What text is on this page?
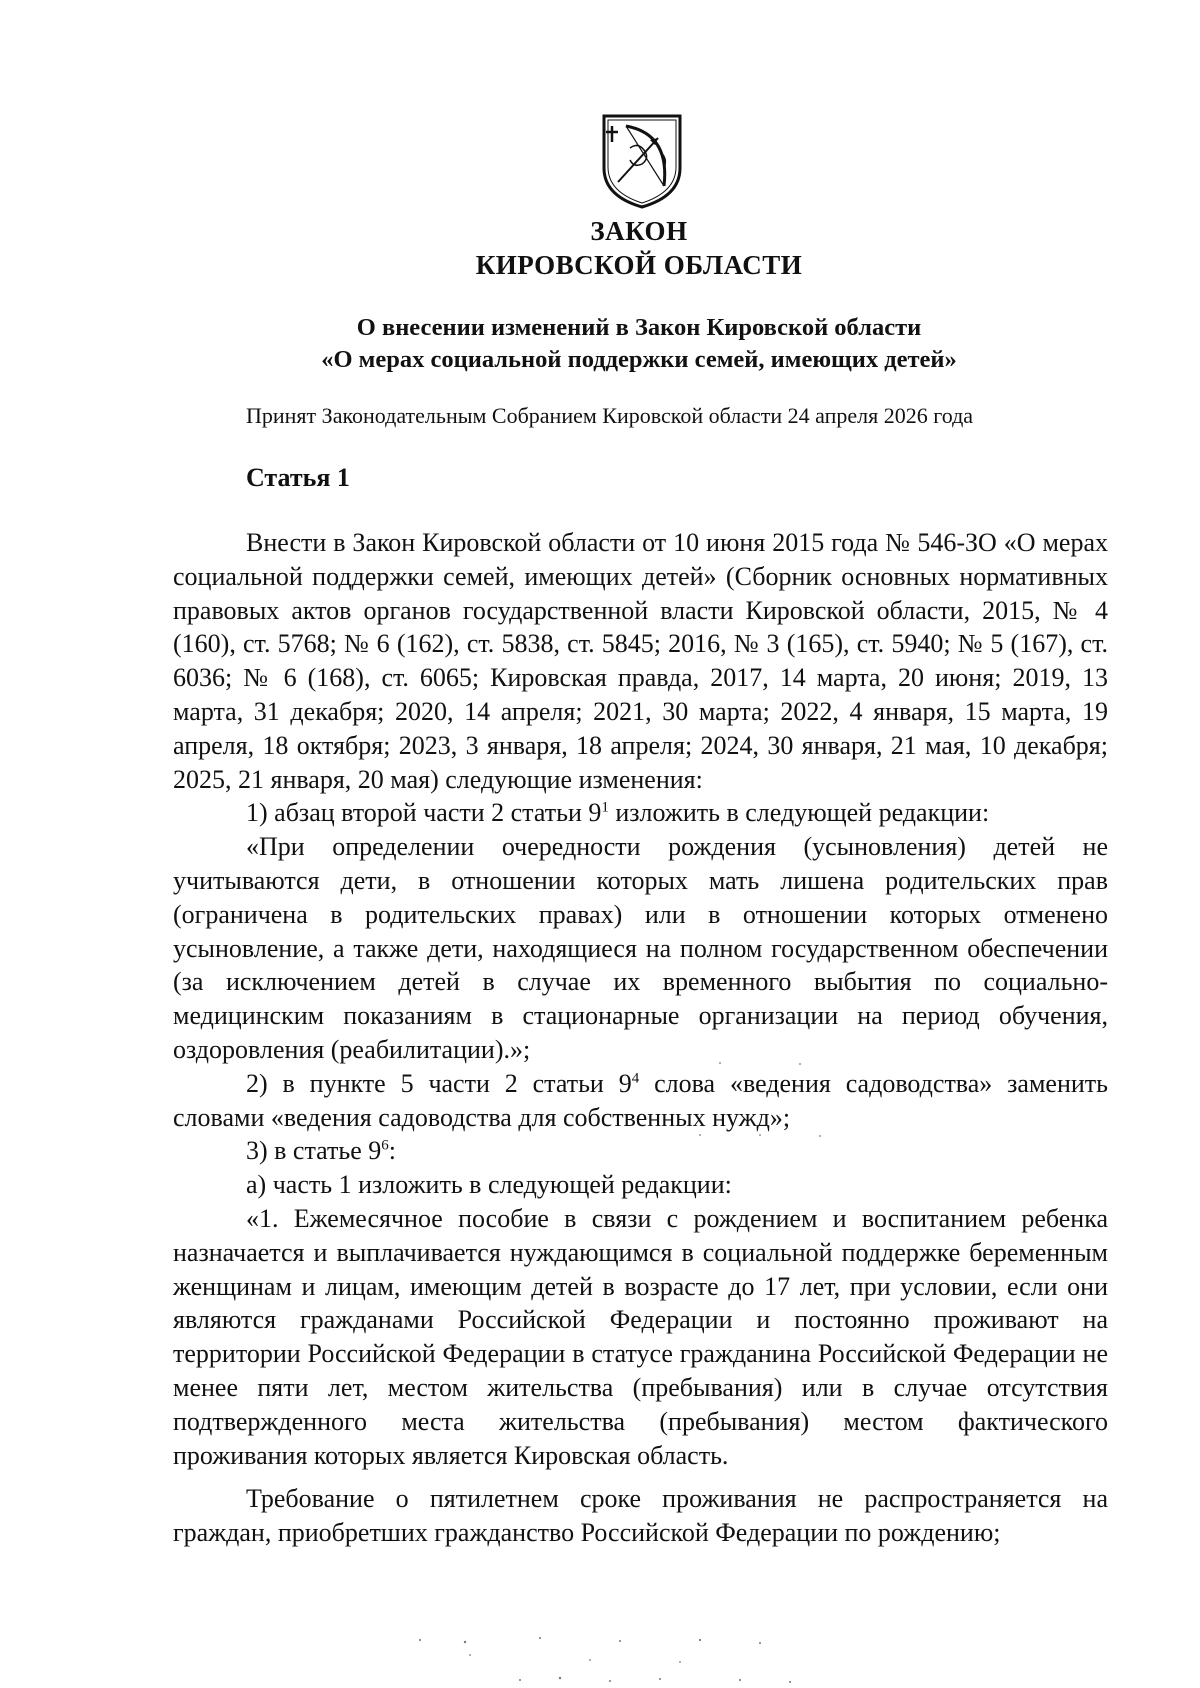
ЗАКОН

КИРОВСКОЙ ОБЛАСТИ

О внесении изменений в Закон Кировской области

«О мерах социальной поддержки семей, имеющих детей»

Принят Законодательным Собранием Кировской области 24 апреля 2026 года

Статья 1

Внести в Закон Кировской области от 10 июня 2015 года № 546-ЗО «О мерах социальной поддержки семей, имеющих детей» (Сборник основных нормативных правовых актов органов государственной власти Кировской области, 2015, № 4 (160), ст. 5768; № 6 (162), ст. 5838, ст. 5845; 2016, № 3 (165), ст. 5940; № 5 (167), ст. 6036; № 6 (168), ст. 6065; Кировская правда, 2017, 14 марта, 20 июня; 2019, 13 марта, 31 декабря; 2020, 14 апреля; 2021, 30 марта; 2022, 4 января, 15 марта, 19 апреля, 18 октября; 2023, 3 января, 18 апреля; 2024, 30 января, 21 мая, 10 декабря; 2025, 21 января, 20 мая) следующие изменения:

1) абзац второй части 2 статьи $9^1$ изложить в следующей редакции:

«При определении очередности рождения (усыновления) детей не учитываются дети, в отношении которых мать лишена родительских прав (ограничена в родительских правах) или в отношении которых отменено усыновление, а также дети, находящиеся на полном государственном обеспечении (за исключением детей в случае их временного выбытия по социально-медицинским показаниям в стационарные организации на период обучения, оздоровления (реабилитации).»;

2) в пункте 5 части 2 статьи $9^4$ слова «ведения садоводства» заменить словами «ведения садоводства для собственных нужд»;

3) в статье $9^6$:

а) часть 1 изложить в следующей редакции:

«1. Ежемесячное пособие в связи с рождением и воспитанием ребенка назначается и выплачивается нуждающимся в социальной поддержке беременным женщинам и лицам, имеющим детей в возрасте до 17 лет, при условии, если они являются гражданами Российской Федерации и постоянно проживают на территории Российской Федерации в статусе гражданина Российской Федерации не менее пяти лет, местом жительства (пребывания) или в случае отсутствия подтвержденного места жительства (пребывания) местом фактического проживания которых является Кировская область.

Требование о пятилетнем сроке проживания не распространяется на граждан, приобретших гражданство Российской Федерации по рождению;
